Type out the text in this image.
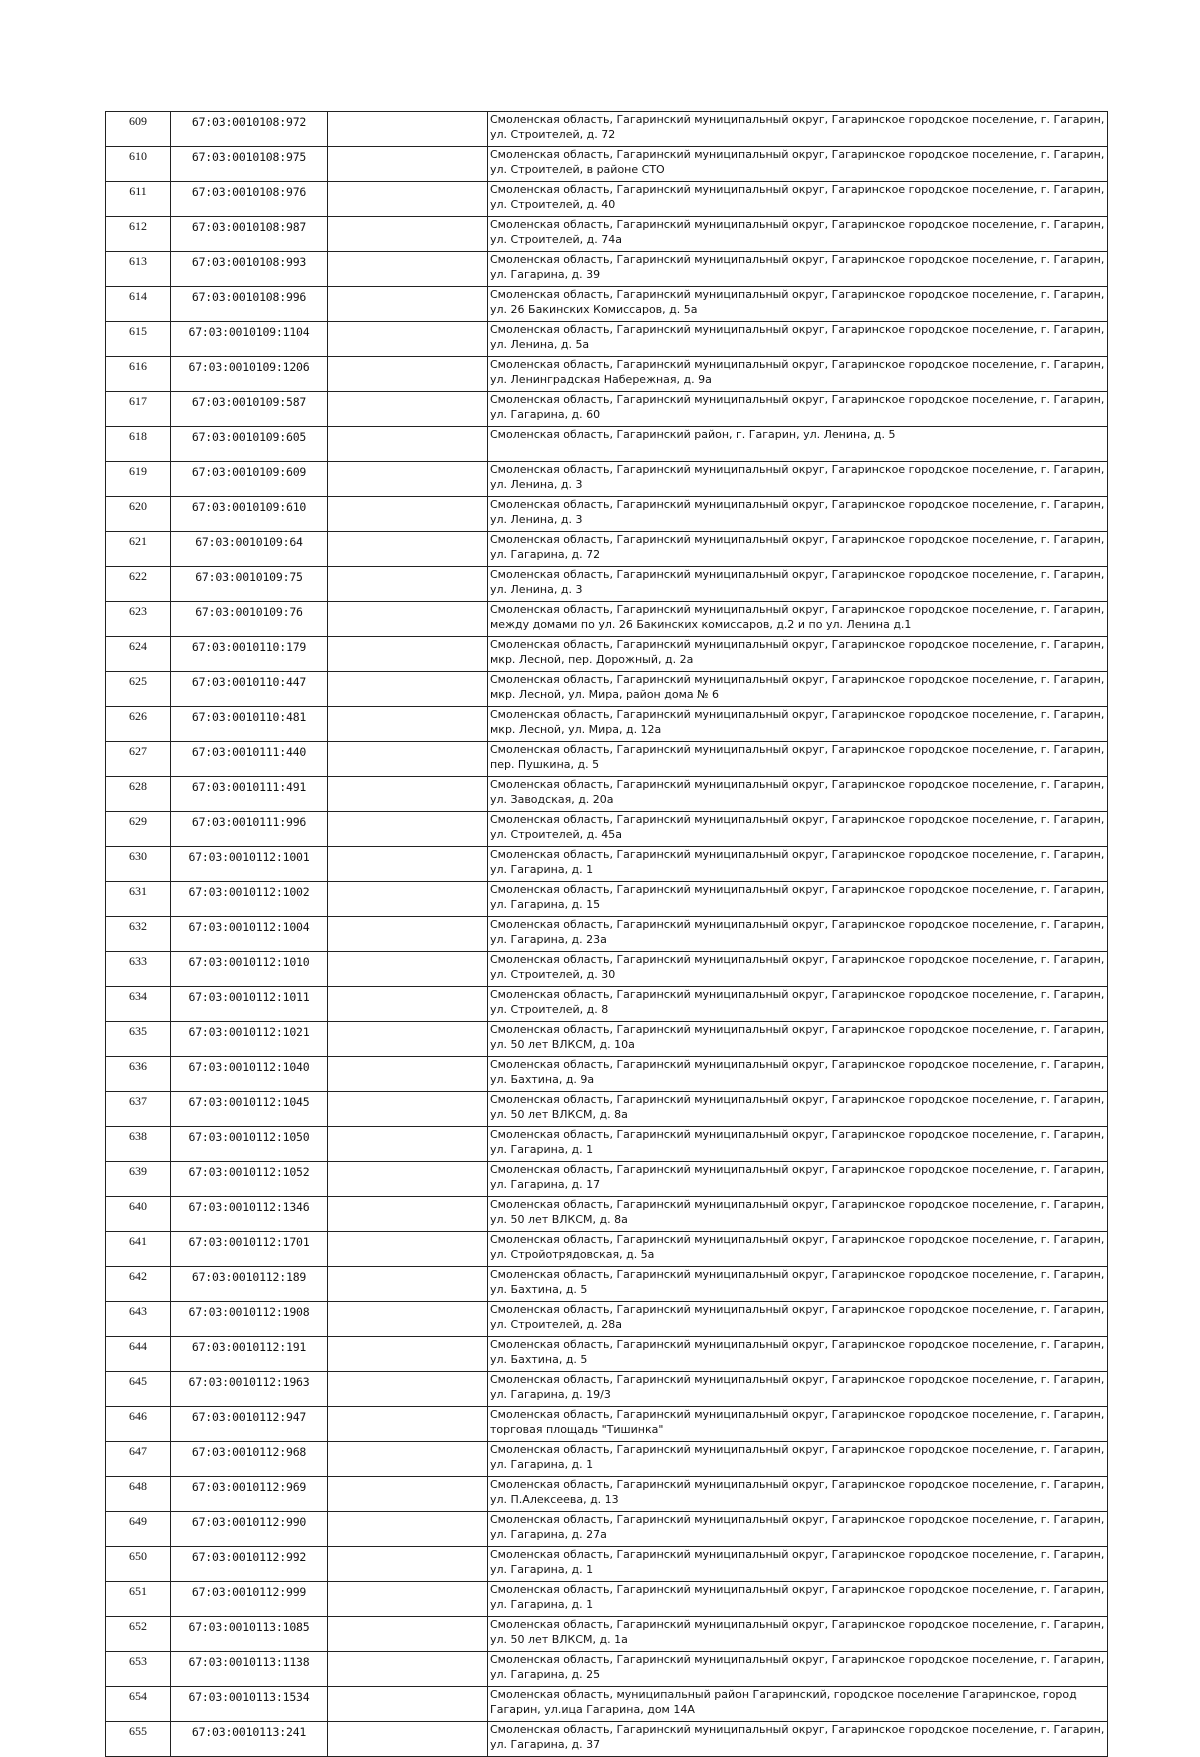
609	67:03:0010108:972		Смоленская область, Гагаринский муниципальный округ, Гагаринское городское поселение, г. Гагарин, ул. Строителей, д. 72
610	67:03:0010108:975		Смоленская область, Гагаринский муниципальный округ, Гагаринское городское поселение, г. Гагарин, ул. Строителей, в районе СТО
611	67:03:0010108:976		Смоленская область, Гагаринский муниципальный округ, Гагаринское городское поселение, г. Гагарин, ул. Строителей, д. 40
612	67:03:0010108:987		Смоленская область, Гагаринский муниципальный округ, Гагаринское городское поселение, г. Гагарин, ул. Строителей, д. 74а
613	67:03:0010108:993		Смоленская область, Гагаринский муниципальный округ, Гагаринское городское поселение, г. Гагарин, ул. Гагарина, д. 39
614	67:03:0010108:996		Смоленская область, Гагаринский муниципальный округ, Гагаринское городское поселение, г. Гагарин, ул. 26 Бакинских Комиссаров, д. 5а
615	67:03:0010109:1104		Смоленская область, Гагаринский муниципальный округ, Гагаринское городское поселение, г. Гагарин, ул. Ленина, д. 5а
616	67:03:0010109:1206		Смоленская область, Гагаринский муниципальный округ, Гагаринское городское поселение, г. Гагарин, ул. Ленинградская Набережная, д. 9а
617	67:03:0010109:587		Смоленская область, Гагаринский муниципальный округ, Гагаринское городское поселение, г. Гагарин, ул. Гагарина, д. 60
618	67:03:0010109:605		Смоленская область, Гагаринский район, г. Гагарин, ул. Ленина, д. 5
619	67:03:0010109:609		Смоленская область, Гагаринский муниципальный округ, Гагаринское городское поселение, г. Гагарин, ул. Ленина, д. 3
620	67:03:0010109:610		Смоленская область, Гагаринский муниципальный округ, Гагаринское городское поселение, г. Гагарин, ул. Ленина, д. 3
621	67:03:0010109:64		Смоленская область, Гагаринский муниципальный округ, Гагаринское городское поселение, г. Гагарин, ул. Гагарина, д. 72
622	67:03:0010109:75		Смоленская область, Гагаринский муниципальный округ, Гагаринское городское поселение, г. Гагарин, ул. Ленина, д. 3
623	67:03:0010109:76		Смоленская область, Гагаринский муниципальный округ, Гагаринское городское поселение, г. Гагарин, между домами по ул. 26 Бакинских комиссаров, д.2 и по ул. Ленина д.1
624	67:03:0010110:179		Смоленская область, Гагаринский муниципальный округ, Гагаринское городское поселение, г. Гагарин, мкр. Лесной, пер. Дорожный, д. 2а
625	67:03:0010110:447		Смоленская область, Гагаринский муниципальный округ, Гагаринское городское поселение, г. Гагарин, мкр. Лесной, ул. Мира, район дома № 6
626	67:03:0010110:481		Смоленская область, Гагаринский муниципальный округ, Гагаринское городское поселение, г. Гагарин, мкр. Лесной, ул. Мира, д. 12а
627	67:03:0010111:440		Смоленская область, Гагаринский муниципальный округ, Гагаринское городское поселение, г. Гагарин, пер. Пушкина, д. 5
628	67:03:0010111:491		Смоленская область, Гагаринский муниципальный округ, Гагаринское городское поселение, г. Гагарин, ул. Заводская, д. 20а
629	67:03:0010111:996		Смоленская область, Гагаринский муниципальный округ, Гагаринское городское поселение, г. Гагарин, ул. Строителей, д. 45а
630	67:03:0010112:1001		Смоленская область, Гагаринский муниципальный округ, Гагаринское городское поселение, г. Гагарин, ул. Гагарина, д. 1
631	67:03:0010112:1002		Смоленская область, Гагаринский муниципальный округ, Гагаринское городское поселение, г. Гагарин, ул. Гагарина, д. 15
632	67:03:0010112:1004		Смоленская область, Гагаринский муниципальный округ, Гагаринское городское поселение, г. Гагарин, ул. Гагарина, д. 23а
633	67:03:0010112:1010		Смоленская область, Гагаринский муниципальный округ, Гагаринское городское поселение, г. Гагарин, ул. Строителей, д. 30
634	67:03:0010112:1011		Смоленская область, Гагаринский муниципальный округ, Гагаринское городское поселение, г. Гагарин, ул. Строителей, д. 8
635	67:03:0010112:1021		Смоленская область, Гагаринский муниципальный округ, Гагаринское городское поселение, г. Гагарин, ул. 50 лет ВЛКСМ, д. 10а
636	67:03:0010112:1040		Смоленская область, Гагаринский муниципальный округ, Гагаринское городское поселение, г. Гагарин, ул. Бахтина, д. 9а
637	67:03:0010112:1045		Смоленская область, Гагаринский муниципальный округ, Гагаринское городское поселение, г. Гагарин, ул. 50 лет ВЛКСМ, д. 8а
638	67:03:0010112:1050		Смоленская область, Гагаринский муниципальный округ, Гагаринское городское поселение, г. Гагарин, ул. Гагарина, д. 1
639	67:03:0010112:1052		Смоленская область, Гагаринский муниципальный округ, Гагаринское городское поселение, г. Гагарин, ул. Гагарина, д. 17
640	67:03:0010112:1346		Смоленская область, Гагаринский муниципальный округ, Гагаринское городское поселение, г. Гагарин, ул. 50 лет ВЛКСМ, д. 8а
641	67:03:0010112:1701		Смоленская область, Гагаринский муниципальный округ, Гагаринское городское поселение, г. Гагарин, ул. Стройотрядовская, д. 5а
642	67:03:0010112:189		Смоленская область, Гагаринский муниципальный округ, Гагаринское городское поселение, г. Гагарин, ул. Бахтина, д. 5
643	67:03:0010112:1908		Смоленская область, Гагаринский муниципальный округ, Гагаринское городское поселение, г. Гагарин, ул. Строителей, д. 28а
644	67:03:0010112:191		Смоленская область, Гагаринский муниципальный округ, Гагаринское городское поселение, г. Гагарин, ул. Бахтина, д. 5
645	67:03:0010112:1963		Смоленская область, Гагаринский муниципальный округ, Гагаринское городское поселение, г. Гагарин, ул. Гагарина, д. 19/3
646	67:03:0010112:947		Смоленская область, Гагаринский муниципальный округ, Гагаринское городское поселение, г. Гагарин, торговая площадь "Тишинка"
647	67:03:0010112:968		Смоленская область, Гагаринский муниципальный округ, Гагаринское городское поселение, г. Гагарин, ул. Гагарина, д. 1
648	67:03:0010112:969		Смоленская область, Гагаринский муниципальный округ, Гагаринское городское поселение, г. Гагарин, ул. П.Алексеева, д. 13
649	67:03:0010112:990		Смоленская область, Гагаринский муниципальный округ, Гагаринское городское поселение, г. Гагарин, ул. Гагарина, д. 27а
650	67:03:0010112:992		Смоленская область, Гагаринский муниципальный округ, Гагаринское городское поселение, г. Гагарин, ул. Гагарина, д. 1
651	67:03:0010112:999		Смоленская область, Гагаринский муниципальный округ, Гагаринское городское поселение, г. Гагарин, ул. Гагарина, д. 1
652	67:03:0010113:1085		Смоленская область, Гагаринский муниципальный округ, Гагаринское городское поселение, г. Гагарин, ул. 50 лет ВЛКСМ, д. 1а
653	67:03:0010113:1138		Смоленская область, Гагаринский муниципальный округ, Гагаринское городское поселение, г. Гагарин, ул. Гагарина, д. 25
654	67:03:0010113:1534		Смоленская область, муниципальный район Гагаринский, городское поселение Гагаринское, город Гагарин, ул.ица Гагарина, дом 14А
655	67:03:0010113:241		Смоленская область, Гагаринский муниципальный округ, Гагаринское городское поселение, г. Гагарин, ул. Гагарина, д. 37
